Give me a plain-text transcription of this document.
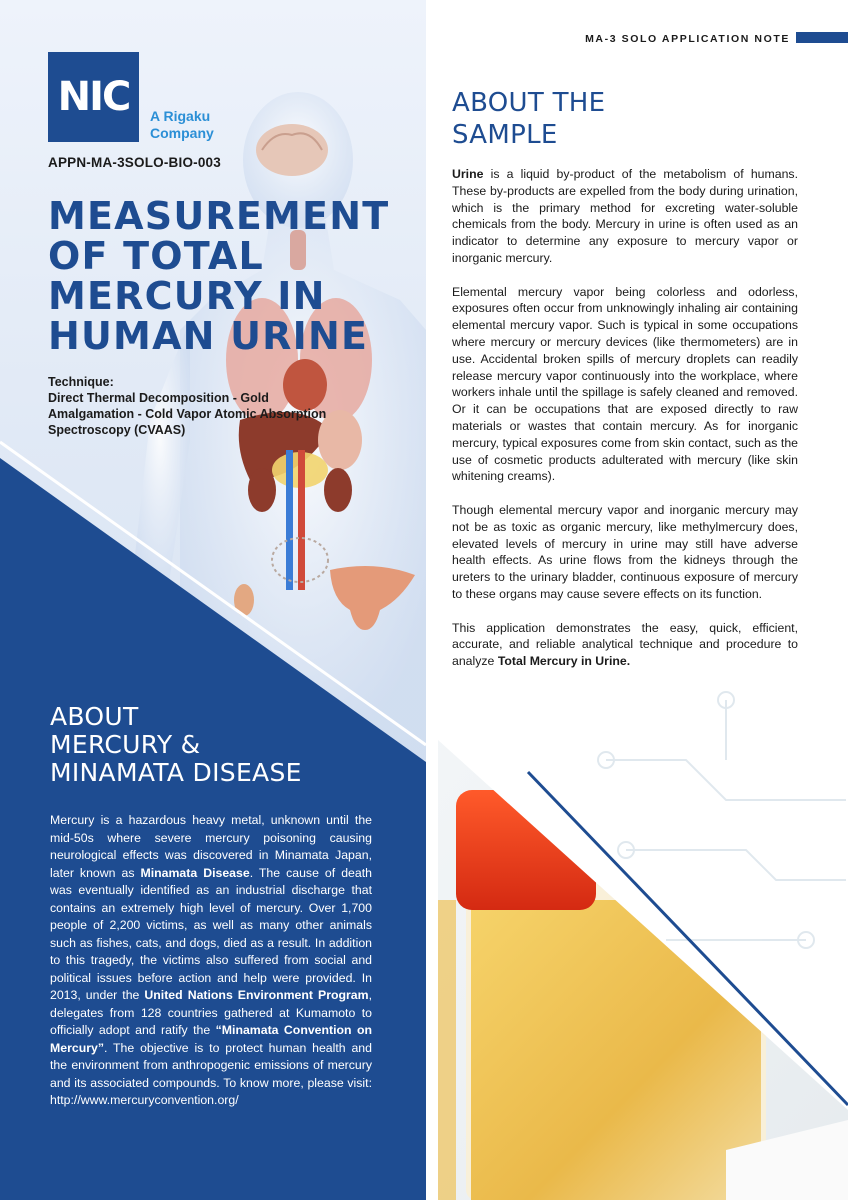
NIC A Rigaku
Company
APPN-MA-3SOLO-BIO-003
MEASUREMENT
OF TOTAL
MERCURY IN
HUMAN URINE
Technique:
Direct Thermal Decomposition - Gold Amalgamation - Cold Vapor Atomic Absorption Spectroscopy (CVAAS)
ABOUT
MERCURY &
MINAMATA DISEASE

Mercury is a hazardous heavy metal, unknown until the mid-50s where severe mercury poisoning causing neurological effects was discovered in Minamata Japan, later known as Minamata Disease. The cause of death was eventually identified as an industrial discharge that contains an extremely high level of mercury. Over 1,700 people of 2,200 victims, as well as many other animals such as fishes, cats, and dogs, died as a result. In addition to this tragedy, the victims also suffered from social and political issues before action and help were provided. In 2013, under the United Nations Environment Program, delegates from 128 countries gathered at Kumamoto to officially adopt and ratify the “Minamata Convention on Mercury”. The objective is to protect human health and the environment from anthropogenic emissions of mercury and its associated compounds. To know more, please visit: http://www.mercuryconvention.org/

MA-3 SOLO APPLICATION NOTE
ABOUT THE
SAMPLE

Urine is a liquid by-product of the metabolism of humans. These by-products are expelled from the body during urination, which is the primary method for excreting water-soluble chemicals from the body. Mercury in urine is often used as an indicator to determine any exposure to mercury vapor or inorganic mercury.

Elemental mercury vapor being colorless and odorless, exposures often occur from unknowingly inhaling air containing elemental mercury vapor. Such is typical in some occupations where mercury or mercury devices (like thermometers) are in use. Accidental broken spills of mercury droplets can readily release mercury vapor continuously into the workplace, where workers inhale until the spillage is safely cleaned and removed. Or it can be occupations that are exposed directly to raw materials or wastes that contain mercury. As for inorganic mercury, typical exposures come from skin contact, such as the use of cosmetic products adulterated with mercury (like skin whitening creams).

Though elemental mercury vapor and inorganic mercury may not be as toxic as organic mercury, like methylmercury does, elevated levels of mercury in urine may still have adverse health effects. As urine flows from the kidneys through the ureters to the urinary bladder, continuous exposure of mercury to these organs may cause severe effects on its function.

This application demonstrates the easy, quick, efficient, accurate, and reliable analytical technique and procedure to analyze Total Mercury in Urine.
